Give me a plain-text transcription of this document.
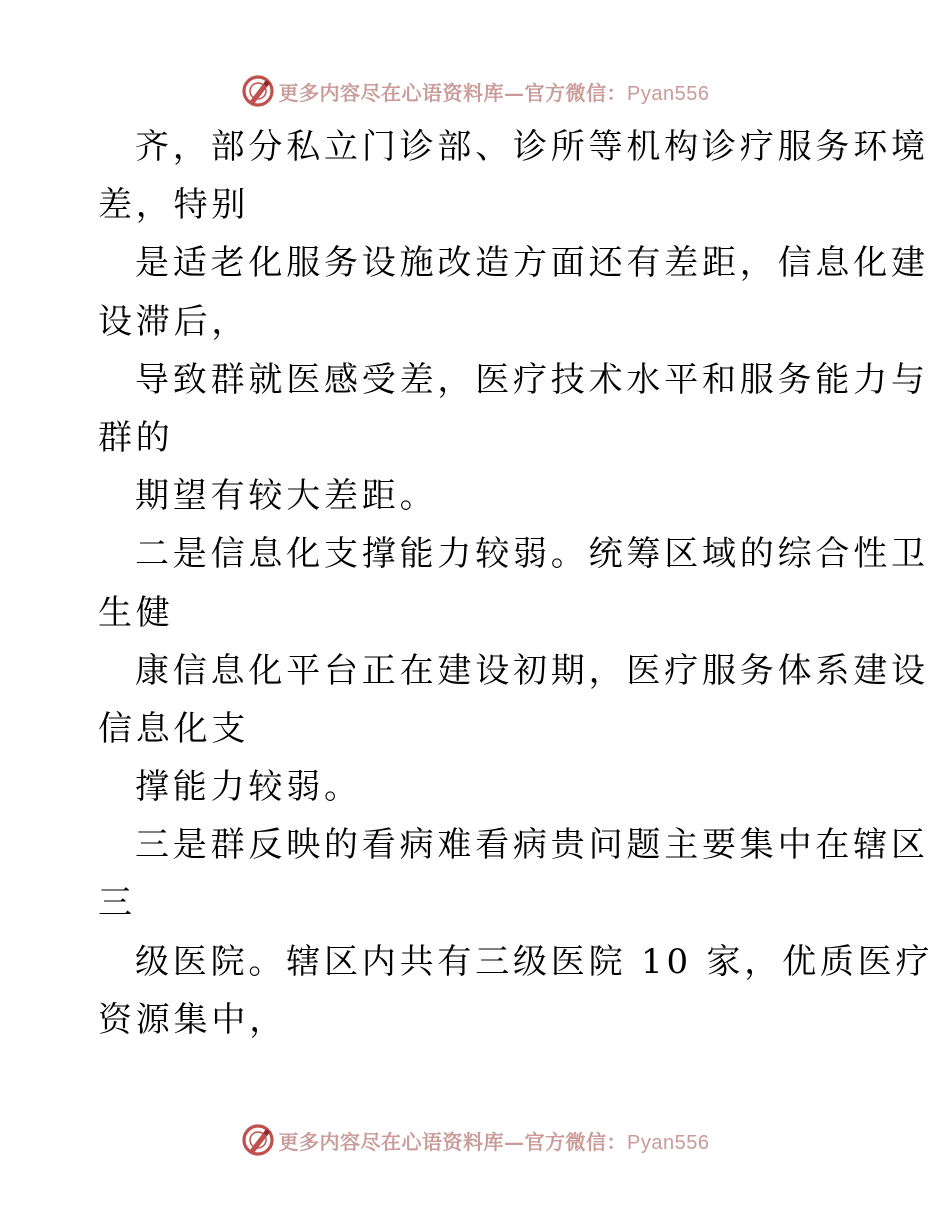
更多内容尽在心语资料库—官方微信：Pyan556
齐，部分私立门诊部、诊所等机构诊疗服务环境
差，特别
是适老化服务设施改造方面还有差距，信息化建
设滞后，
导致群就医感受差，医疗技术水平和服务能力与
群的
期望有较大差距。
二是信息化支撑能力较弱。统筹区域的综合性卫
生健
康信息化平台正在建设初期，医疗服务体系建设
信息化支
撑能力较弱。
三是群反映的看病难看病贵问题主要集中在辖区
三
级医院。辖区内共有三级医院 10 家，优质医疗
资源集中，
更多内容尽在心语资料库—官方微信：Pyan556
